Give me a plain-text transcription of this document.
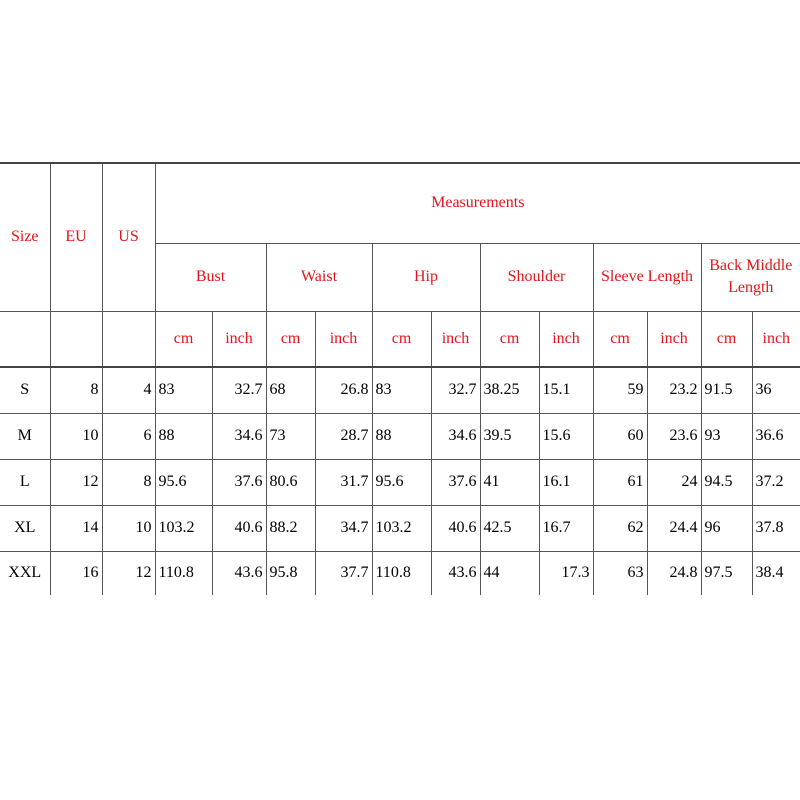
Size	EU	US	Measurements											
			Bust		Waist		Hip		Shoulder		Sleeve Length		Back Middle Length	
			cm	inch	cm	inch	cm	inch	cm	inch	cm	inch	cm	inch
S	8	4	83	32.7	68	26.8	83	32.7	38.25	15.1	59	23.2	91.5	36
M	10	6	88	34.6	73	28.7	88	34.6	39.5	15.6	60	23.6	93	36.6
L	12	8	95.6	37.6	80.6	31.7	95.6	37.6	41	16.1	61	24	94.5	37.2
XL	14	10	103.2	40.6	88.2	34.7	103.2	40.6	42.5	16.7	62	24.4	96	37.8
XXL	16	12	110.8	43.6	95.8	37.7	110.8	43.6	44	17.3	63	24.8	97.5	38.4
